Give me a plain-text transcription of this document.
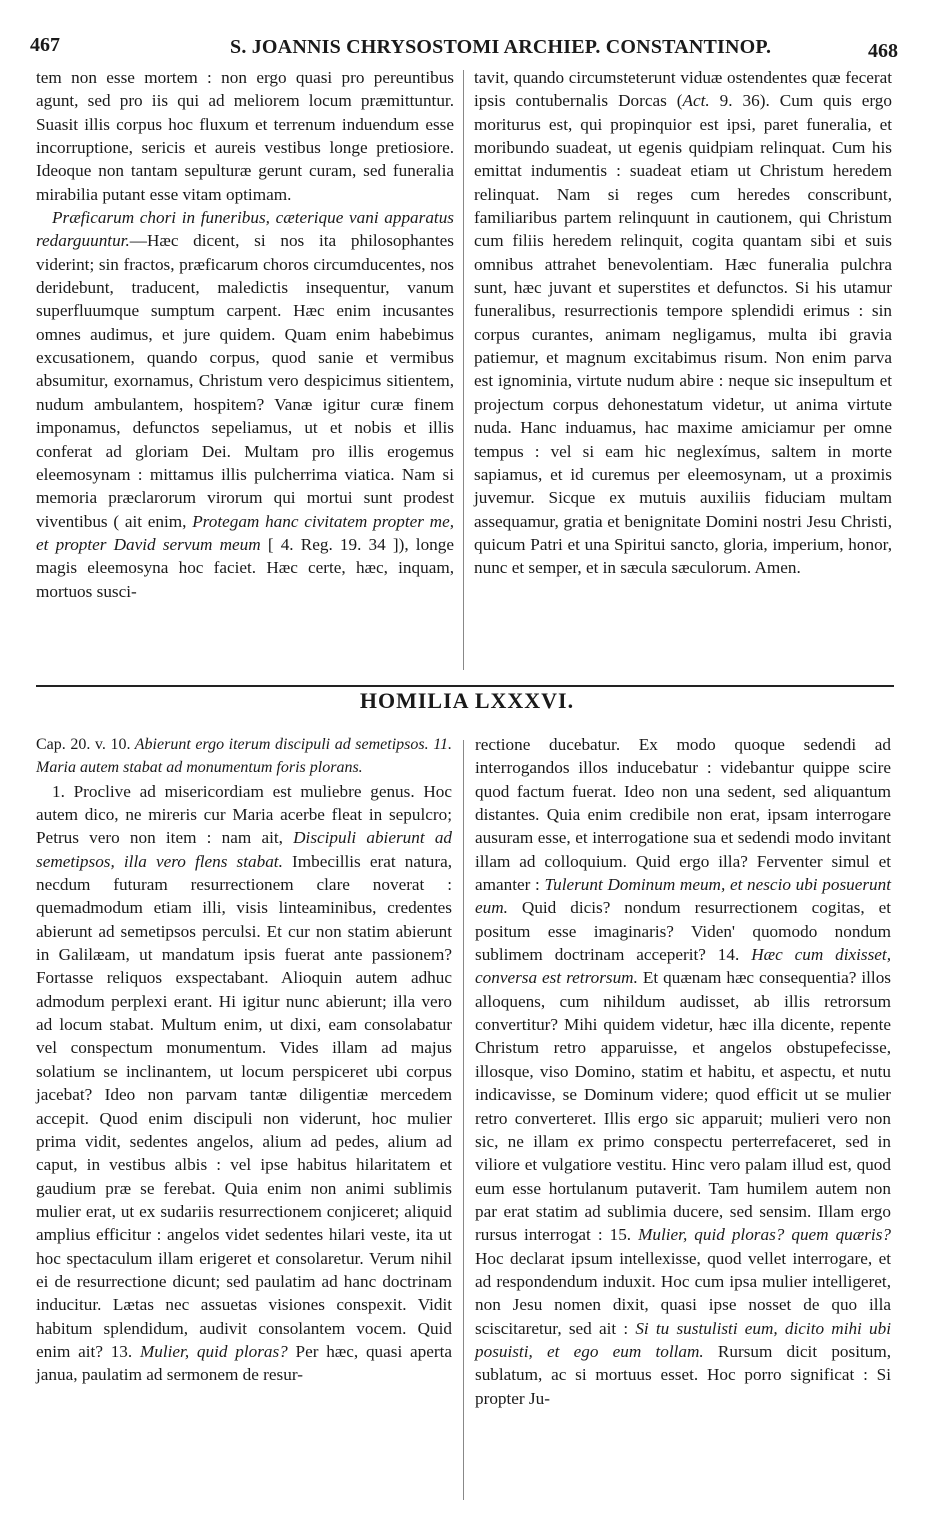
467	S. JOANNIS CHRYSOSTOMI ARCHIEP. CONSTANTINOP.	468

tem non esse mortem : non ergo quasi pro pereuntibus agunt, sed pro iis qui ad meliorem locum præmittuntur. Suasit illis corpus hoc fluxum et terrenum induendum esse incorruptione, sericis et aureis vestibus longe pretiosiore. Ideoque non tantam sepulturæ gerunt curam, sed funeralia mirabilia putant esse vitam optimam.

Præficarum chori in funeribus, cæterique vani apparatus redarguuntur.—Hæc dicent, si nos ita philosophantes viderint; sin fractos, præficarum choros circumducentes, nos deridebunt, traducent, maledictis insequentur, vanum superfluumque sumptum carpent. Hæc enim incusantes omnes audimus, et jure quidem. Quam enim habebimus excusationem, quando corpus, quod sanie et vermibus absumitur, exornamus, Christum vero despicimus sitientem, nudum ambulantem, hospitem? Vanæ igitur curæ finem imponamus, defunctos sepeliamus, ut et nobis et illis conferat ad gloriam Dei. Multam pro illis erogemus eleemosynam : mittamus illis pulcherrima viatica. Nam si memoria præclarorum virorum qui mortui sunt prodest viventibus ( ait enim, Protegam hanc civitatem propter me, et propter David servum meum [ 4. Reg. 19. 34 ]), longe magis eleemosyna hoc faciet. Hæc certe, hæc, inquam, mortuos susci-

tavit, quando circumsteterunt viduæ ostendentes quæ fecerat ipsis contubernalis Dorcas (Act. 9. 36). Cum quis ergo moriturus est, qui propinquior est ipsi, paret funeralia, et moribundo suadeat, ut egenis quidpiam relinquat. Cum his emittat indumentis : suadeat etiam ut Christum heredem relinquat. Nam si reges cum heredes conscribunt, familiaribus partem relinquunt in cautionem, qui Christum cum filiis heredem relinquit, cogita quantam sibi et suis omnibus attrahet benevolentiam. Hæc funeralia pulchra sunt, hæc juvant et superstites et defunctos. Si his utamur funeralibus, resurrectionis tempore splendidi erimus : sin corpus curantes, animam negligamus, multa ibi gravia patiemur, et magnum excitabimus risum. Non enim parva est ignominia, virtute nudum abire : neque sic insepultum et projectum corpus dehonestatum videtur, ut anima virtute nuda. Hanc induamus, hac maxime amiciamur per omne tempus : vel si eam hic neglexímus, saltem in morte sapiamus, et id curemus per eleemosynam, ut a proximis juvemur. Sicque ex mutuis auxiliis fiduciam multam assequamur, gratia et benignitate Domini nostri Jesu Christi, quicum Patri et una Spiritui sancto, gloria, imperium, honor, nunc et semper, et in sæcula sæculorum. Amen.

HOMILIA LXXXVI.

Cap. 20. v. 10. Abierunt ergo iterum discipuli ad semetipsos. 11. Maria autem stabat ad monumentum foris plorans.

1. Proclive ad misericordiam est muliebre genus. Hoc autem dico, ne mireris cur Maria acerbe fleat in sepulcro; Petrus vero non item : nam ait, Discipuli abierunt ad semetipsos, illa vero flens stabat. Imbecillis erat natura, necdum futuram resurrectionem clare noverat : quemadmodum etiam illi, visis linteaminibus, credentes abierunt ad semetipsos perculsi. Et cur non statim abierunt in Galilæam, ut mandatum ipsis fuerat ante passionem? Fortasse reliquos exspectabant. Alioquin autem adhuc admodum perplexi erant. Hi igitur nunc abierunt; illa vero ad locum stabat. Multum enim, ut dixi, eam consolabatur vel conspectum monumentum. Vides illam ad majus solatium se inclinantem, ut locum perspiceret ubi corpus jacebat? Ideo non parvam tantæ diligentiæ mercedem accepit. Quod enim discipuli non viderunt, hoc mulier prima vidit, sedentes angelos, alium ad pedes, alium ad caput, in vestibus albis : vel ipse habitus hilaritatem et gaudium præ se ferebat. Quia enim non animi sublimis mulier erat, ut ex sudariis resurrectionem conjiceret; aliquid amplius efficitur : angelos videt sedentes hilari veste, ita ut hoc spectaculum illam erigeret et consolaretur. Verum nihil ei de resurrectione dicunt; sed paulatim ad hanc doctrinam inducitur. Lætas nec assuetas visiones conspexit. Vidit habitum splendidum, audivit consolantem vocem. Quid enim ait? 13. Mulier, quid ploras? Per hæc, quasi aperta janua, paulatim ad sermonem de resur-

rectione ducebatur. Ex modo quoque sedendi ad interrogandos illos inducebatur : videbantur quippe scire quod factum fuerat. Ideo non una sedent, sed aliquantum distantes. Quia enim credibile non erat, ipsam interrogare ausuram esse, et interrogatione sua et sedendi modo invitant illam ad colloquium. Quid ergo illa? Ferventer simul et amanter : Tulerunt Dominum meum, et nescio ubi posuerunt eum. Quid dicis? nondum resurrectionem cogitas, et positum esse imaginaris? Viden' quomodo nondum sublimem doctrinam acceperit? 14. Hæc cum dixisset, conversa est retrorsum. Et quænam hæc consequentia? illos alloquens, cum nihildum audisset, ab illis retrorsum convertitur? Mihi quidem videtur, hæc illa dicente, repente Christum retro apparuisse, et angelos obstupefecisse, illosque, viso Domino, statim et habitu, et aspectu, et nutu indicavisse, se Dominum videre; quod efficit ut se mulier retro converteret. Illis ergo sic apparuit; mulieri vero non sic, ne illam ex primo conspectu perterrefaceret, sed in viliore et vulgatiore vestitu. Hinc vero palam illud est, quod eum esse hortulanum putaverit. Tam humilem autem non par erat statim ad sublimia ducere, sed sensim. Illam ergo rursus interrogat : 15. Mulier, quid ploras? quem quæris? Hoc declarat ipsum intellexisse, quod vellet interrogare, et ad respondendum induxit. Hoc cum ipsa mulier intelligeret, non Jesu nomen dixit, quasi ipse nosset de quo illa sciscitaretur, sed ait : Si tu sustulisti eum, dicito mihi ubi posuisti, et ego eum tollam. Rursum dicit positum, sublatum, ac si mortuus esset. Hoc porro significat : Si propter Ju-
